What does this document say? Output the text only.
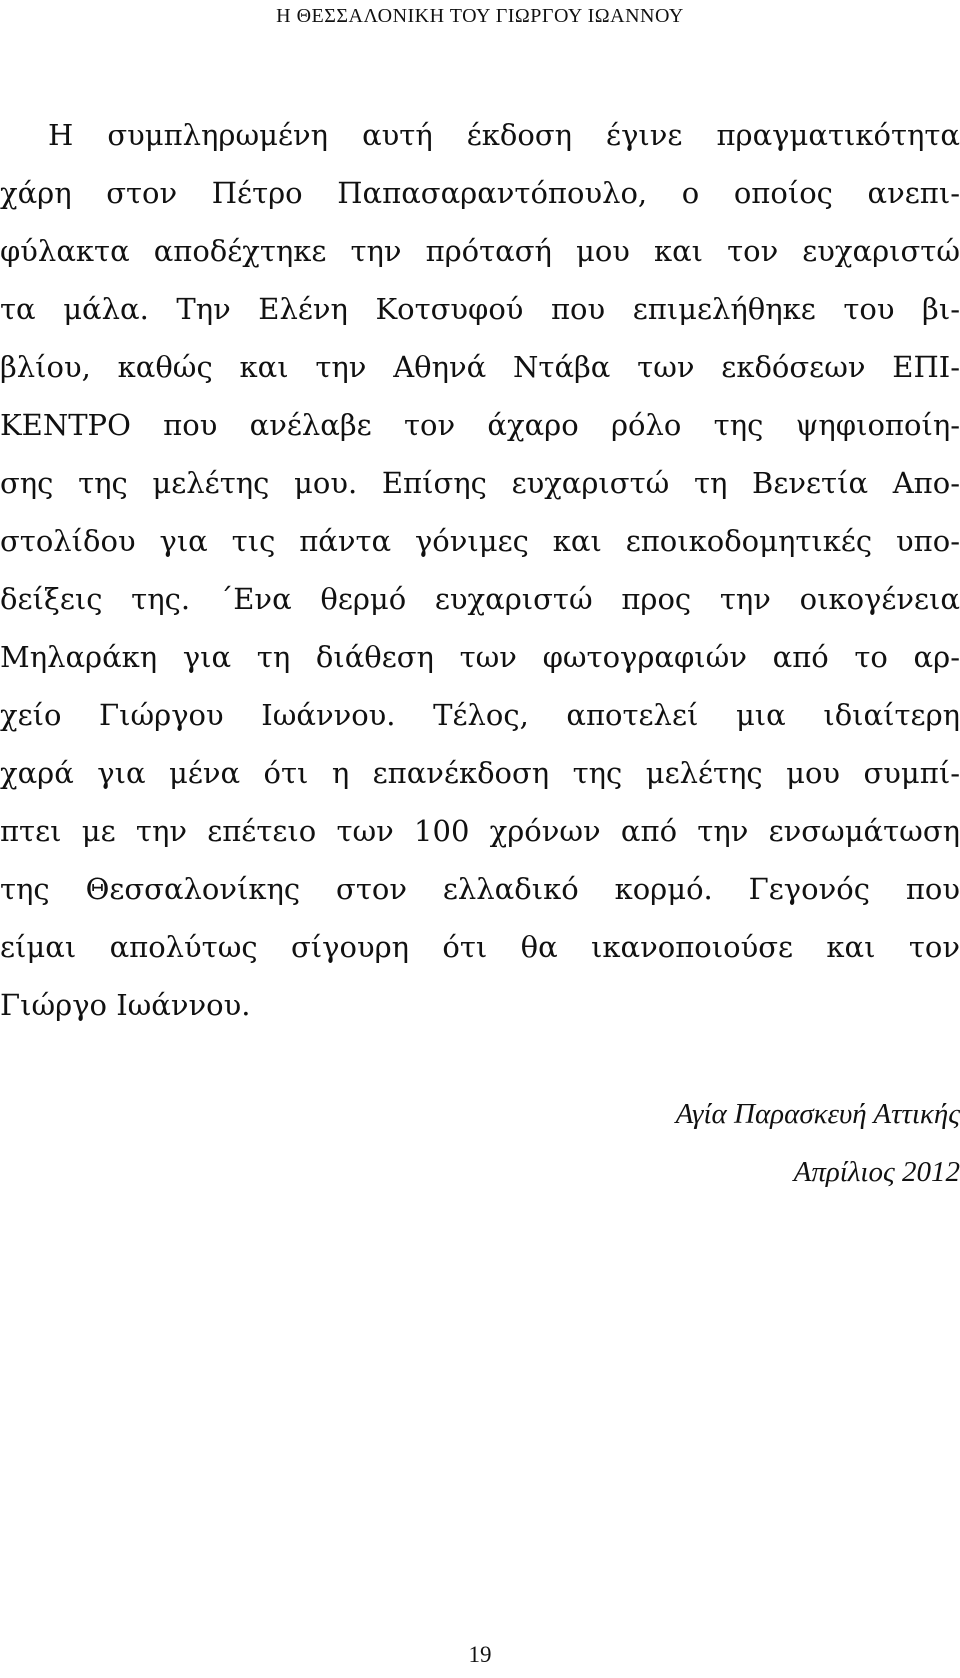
Η ΘΕΣΣΑΛΟΝΙΚΗ ΤΟΥ ΓΙΩΡΓΟΥ ΙΩΑΝΝΟΥ
Η συμπληρωμένη αυτή έκδοση έγινε πραγματικότητα
χάρη στον Πέτρο Παπασαραντόπουλο, ο οποίος ανεπι-
φύλακτα αποδέχτηκε την πρότασή μου και τον ευχαριστώ
τα μάλα. Την Ελένη Κοτσυφού που επιμελήθηκε του βι-
βλίου, καθώς και την Αθηνά Ντάβα των εκδόσεων ΕΠΙ-
ΚΕΝΤΡΟ που ανέλαβε τον άχαρο ρόλο της ψηφιοποίη-
σης της μελέτης μου. Επίσης ευχαριστώ τη Βενετία Απο-
στολίδου για τις πάντα γόνιμες και εποικοδομητικές υπο-
δείξεις της. ΄Ενα θερμό ευχαριστώ προς την οικογένεια
Μηλαράκη για τη διάθεση των φωτογραφιών από το αρ-
χείο Γιώργου Ιωάννου. Τέλος, αποτελεί μια ιδιαίτερη
χαρά για μένα ότι η επανέκδοση της μελέτης μου συμπί-
πτει με την επέτειο των 100 χρόνων από την ενσωμάτωση
της Θεσσαλονίκης στον ελλαδικό κορμό. Γεγονός που
είμαι απολύτως σίγουρη ότι θα ικανοποιούσε και τον
Γιώργο Ιωάννου.
Αγία Παρασκευή Αττικής
Απρίλιος 2012
19
